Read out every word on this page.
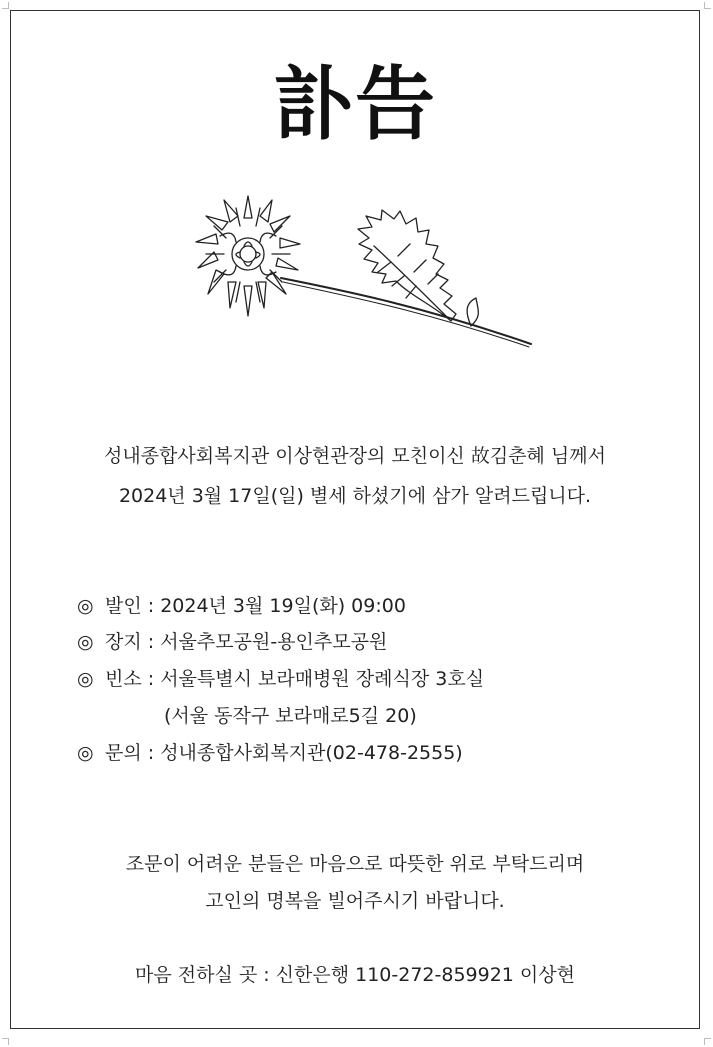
訃告
성내종합사회복지관 이상현관장의 모친이신 故김춘혜 님께서
2024년 3월 17일(일) 별세 하셨기에 삼가 알려드립니다.
◎ 발인 : 2024년 3월 19일(화) 09:00
◎ 장지 : 서울추모공원-용인추모공원
◎ 빈소 : 서울특별시 보라매병원 장례식장 3호실
(서울 동작구 보라매로5길 20)
◎ 문의 : 성내종합사회복지관(02-478-2555)
조문이 어려운 분들은 마음으로 따뜻한 위로 부탁드리며
고인의 명복을 빌어주시기 바랍니다.
마음 전하실 곳 : 신한은행 110-272-859921 이상현
